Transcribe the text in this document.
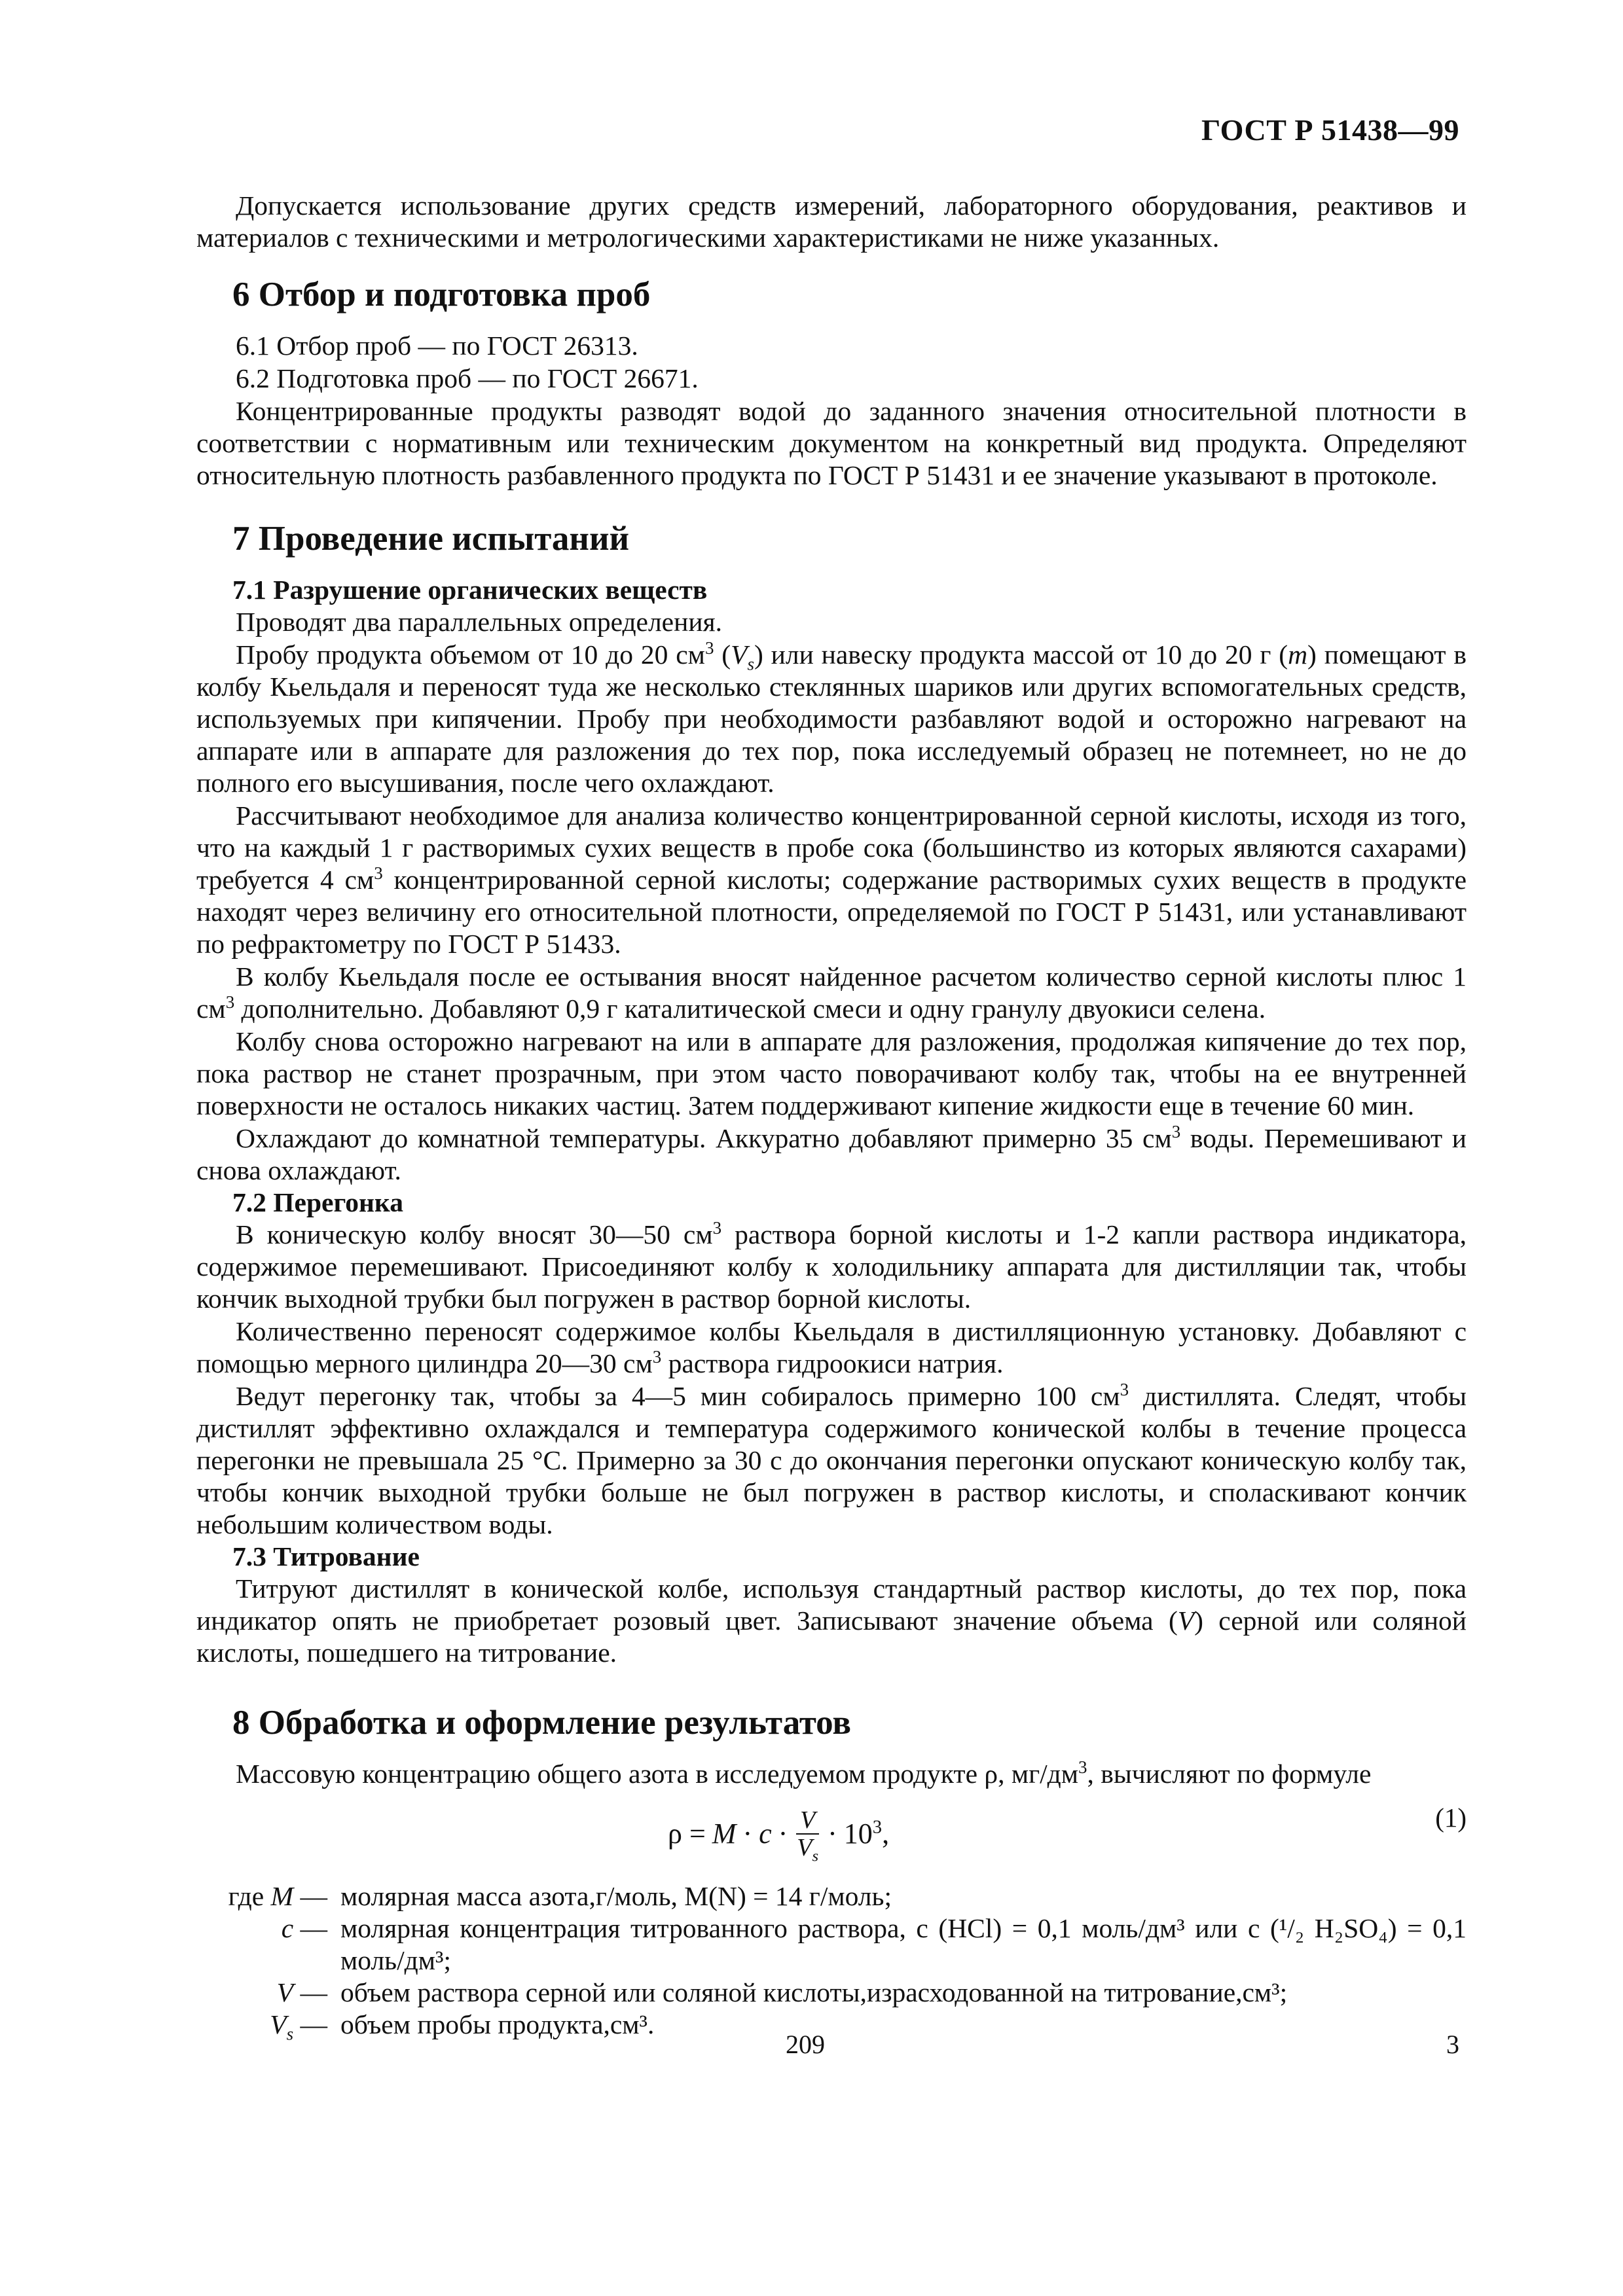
ГОСТ Р 51438—99

Допускается использование других средств измерений, лабораторного оборудования, реактивов и материалов с техническими и метрологическими характеристиками не ниже указанных.

6 Отбор и подготовка проб

6.1 Отбор проб — по ГОСТ 26313.

6.2 Подготовка проб — по ГОСТ 26671.

Концентрированные продукты разводят водой до заданного значения относительной плотности в соответствии с нормативным или техническим документом на конкретный вид продукта. Определяют относительную плотность разбавленного продукта по ГОСТ Р 51431 и ее значение указывают в протоколе.

7 Проведение испытаний
7.1 Разрушение органических веществ

Проводят два параллельных определения.

Пробу продукта объемом от 10 до 20 $см^3$ $(V_s)$ или навеску продукта массой от 10 до 20 г (m) помещают в колбу Кьельдаля и переносят туда же несколько стеклянных шариков или других вспомогательных средств, используемых при кипячении. Пробу при необходимости разбавляют водой и осторожно нагревают на аппарате или в аппарате для разложения до тех пор, пока исследуемый образец не потемнеет, но не до полного его высушивания, после чего охлаждают.

Рассчитывают необходимое для анализа количество концентрированной серной кислоты, исходя из того, что на каждый 1 г растворимых сухих веществ в пробе сока (большинство из которых являются сахарами) требуется 4 $см^3$ концентрированной серной кислоты; содержание растворимых сухих веществ в продукте находят через величину его относительной плотности, определяемой по ГОСТ Р 51431, или устанавливают по рефрактометру по ГОСТ Р 51433.

В колбу Кьельдаля после ее остывания вносят найденное расчетом количество серной кислоты плюс 1 $см^3$ дополнительно. Добавляют 0,9 г каталитической смеси и одну гранулу двуокиси селена.

Колбу снова осторожно нагревают на или в аппарате для разложения, продолжая кипячение до тех пор, пока раствор не станет прозрачным, при этом часто поворачивают колбу так, чтобы на ее внутренней поверхности не осталось никаких частиц. Затем поддерживают кипение жидкости еще в течение 60 мин.

Охлаждают до комнатной температуры. Аккуратно добавляют примерно 35 $см^3$ воды. Перемешивают и снова охлаждают.

7.2 Перегонка

В коническую колбу вносят 30—50 $см^3$ раствора борной кислоты и 1-2 капли раствора индикатора, содержимое перемешивают. Присоединяют колбу к холодильнику аппарата для дистилляции так, чтобы кончик выходной трубки был погружен в раствор борной кислоты.

Количественно переносят содержимое колбы Кьельдаля в дистилляционную установку. Добавляют с помощью мерного цилиндра 20—30 $см^3$ раствора гидроокиси натрия.

Ведут перегонку так, чтобы за 4—5 мин собиралось примерно 100 $см^3$ дистиллята. Следят, чтобы дистиллят эффективно охлаждался и температура содержимого конической колбы в течение процесса перегонки не превышала 25 °С. Примерно за 30 с до окончания перегонки опускают коническую колбу так, чтобы кончик выходной трубки больше не был погружен в раствор кислоты, и споласкивают кончик небольшим количеством воды.

7.3 Титрование

Титруют дистиллят в конической колбе, используя стандартный раствор кислоты, до тех пор, пока индикатор опять не приобретает розовый цвет. Записывают значение объема (V) серной или соляной кислоты, пошедшего на титрование.

8 Обработка и оформление результатов

Массовую концентрацию общего азота в исследуемом продукте ρ, $мг/дм^3$, вычисляют по формуле

$\rho = M \cdot c \cdot \frac{V}{V_s} \cdot 10^3$,	(1)
где M — молярная масса азота,г/моль, M(N) = 14 г/моль;
c — молярная концентрация титрованного раствора, с (HCl) = 0,1 моль/дм³ или с (¹/₂ H₂SO₄) = 0,1 моль/дм³;
V — объем раствора серной или соляной кислоты,израсходованной на титрование,см³;
$V_s$ — объем пробы продукта,см³.
209	3
